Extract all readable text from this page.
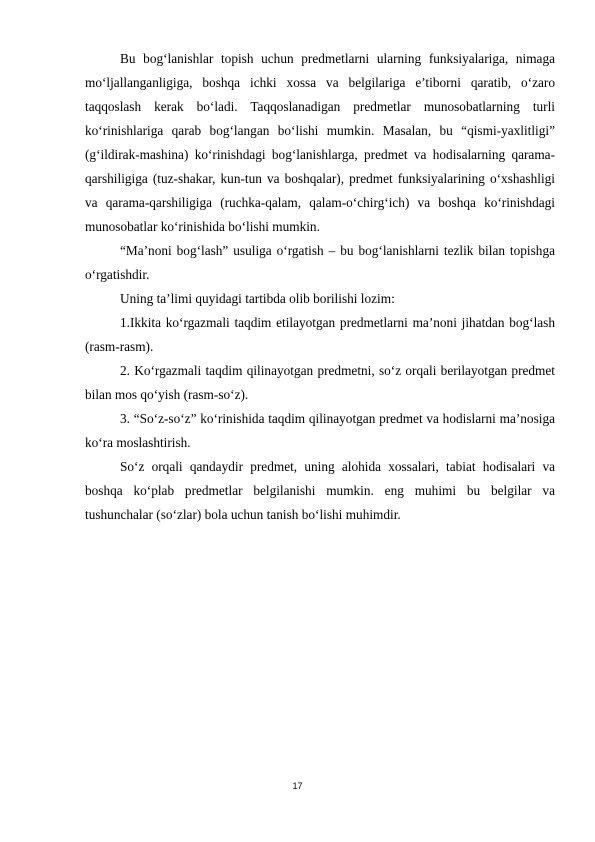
Bu bog‘lanishlar topish uchun predmetlarni ularning funksiyalariga, nimaga mo‘ljallanganligiga, boshqa ichki xossa va belgilariga e’tiborni qaratib, o‘zaro taqqoslash kerak bo‘ladi. Taqqoslanadigan predmetlar munosobatlarning turli ko‘rinishlariga qarab bog‘langan bo‘lishi mumkin. Masalan, bu “qismi-yaxlitligi” (g‘ildirak-mashina) ko‘rinishdagi bog‘lanishlarga, predmet va hodisalarning qarama-qarshiligiga (tuz-shakar, kun-tun va boshqalar), predmet funksiyalarining o‘xshashligi va qarama-qarshiligiga (ruchka-qalam, qalam-o‘chirg‘ich) va boshqa ko‘rinishdagi munosobatlar ko‘rinishida bo‘lishi mumkin.

“Ma’noni bog‘lash” usuliga o‘rgatish – bu bog‘lanishlarni tezlik bilan topishga o‘rgatishdir.

Uning ta’limi quyidagi tartibda olib borilishi lozim:

1.Ikkita ko‘rgazmali taqdim etilayotgan predmetlarni ma’noni jihatdan bog‘lash (rasm-rasm).

2. Ko‘rgazmali taqdim qilinayotgan predmetni, so‘z orqali berilayotgan predmet bilan mos qo‘yish (rasm-so‘z).

3. “So‘z-so‘z” ko‘rinishida taqdim qilinayotgan predmet va hodislarni ma’nosiga ko‘ra moslashtirish.

So‘z orqali qandaydir predmet, uning alohida xossalari, tabiat hodisalari va boshqa ko‘plab predmetlar belgilanishi mumkin. eng muhimi bu belgilar va tushunchalar (so‘zlar) bola uchun tanish bo‘lishi muhimdir.

17
